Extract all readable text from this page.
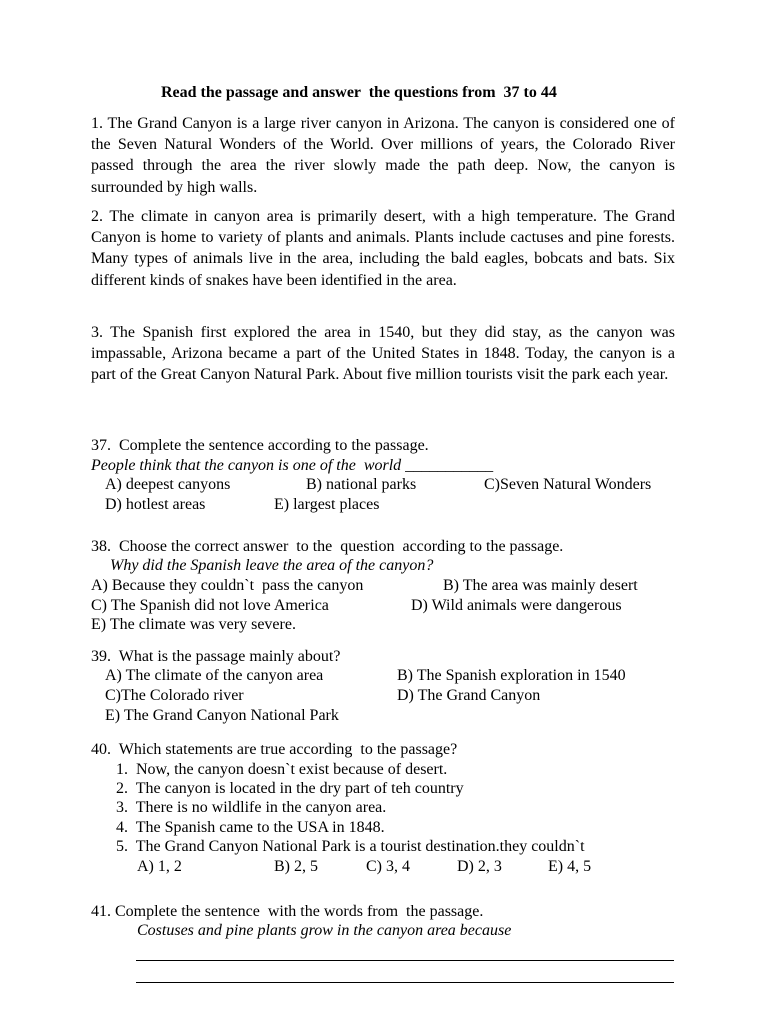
Read the passage and answer  the questions from  37 to 44
1. The Grand Canyon is a large river canyon in Arizona. The canyon is considered one of the Seven Natural Wonders of the World. Over millions of years, the Colorado River passed through the area the river slowly made the path deep. Now, the canyon is surrounded by high walls.
2. The climate in canyon area is primarily desert, with a high temperature. The Grand Canyon is home to variety of plants and animals. Plants include cactuses and pine forests. Many types of animals live in the area, including the bald eagles, bobcats and bats. Six different kinds of snakes have been identified in the area.
3. The Spanish first explored the area in 1540, but they did stay, as the canyon was impassable, Arizona became a part of the United States in 1848. Today, the canyon is a part of the Great Canyon Natural Park. About five million tourists visit the park each year.
37.  Complete the sentence according to the passage.
People think that the canyon is one of the  world ___________
A) deepest canyons	B) national parks	C)Seven Natural Wonders
D) hotlest areas	E) largest places
38.  Choose the correct answer  to the  question  according to the passage.
Why did the Spanish leave the area of the canyon?
A) Because they couldn`t  pass the canyon	B) The area was mainly desert
C) The Spanish did not love America	D) Wild animals were dangerous
E) The climate was very severe.
39.  What is the passage mainly about?
A) The climate of the canyon area	B) The Spanish exploration in 1540
C)The Colorado river	D) The Grand Canyon
E) The Grand Canyon National Park
40.  Which statements are true according  to the passage?
1.  Now, the canyon doesn`t exist because of desert.
2.  The canyon is located in the dry part of teh country
3.  There is no wildlife in the canyon area.
4.  The Spanish came to the USA in 1848.
5.  The Grand Canyon National Park is a tourist destination.they couldn`t
A) 1, 2	B) 2, 5	C) 3, 4	D) 2, 3	E) 4, 5
41. Complete the sentence  with the words from  the passage.
Costuses and pine plants grow in the canyon area because
